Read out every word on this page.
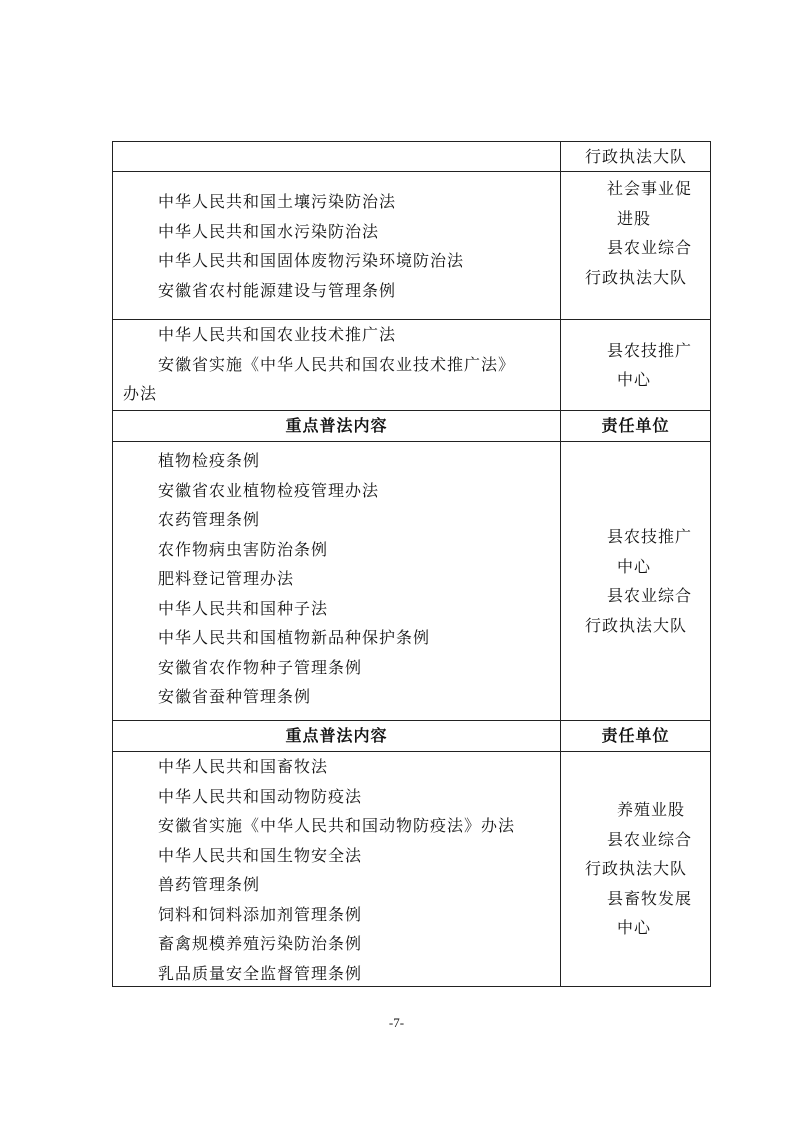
行政执法大队
中华人民共和国土壤污染防治法
中华人民共和国水污染防治法
中华人民共和国固体废物污染环境防治法
安徽省农村能源建设与管理条例
社会事业促
进股
县农业综合
行政执法大队
中华人民共和国农业技术推广法
安徽省实施《中华人民共和国农业技术推广法》
办法
县农技推广
中心
重点普法内容	责任单位
植物检疫条例
安徽省农业植物检疫管理办法
农药管理条例
农作物病虫害防治条例
肥料登记管理办法
中华人民共和国种子法
中华人民共和国植物新品种保护条例
安徽省农作物种子管理条例
安徽省蚕种管理条例
县农技推广
中心
县农业综合
行政执法大队
重点普法内容	责任单位
中华人民共和国畜牧法
中华人民共和国动物防疫法
安徽省实施《中华人民共和国动物防疫法》办法
中华人民共和国生物安全法
兽药管理条例
饲料和饲料添加剂管理条例
畜禽规模养殖污染防治条例
乳品质量安全监督管理条例
养殖业股
县农业综合
行政执法大队
县畜牧发展
中心
-7-
